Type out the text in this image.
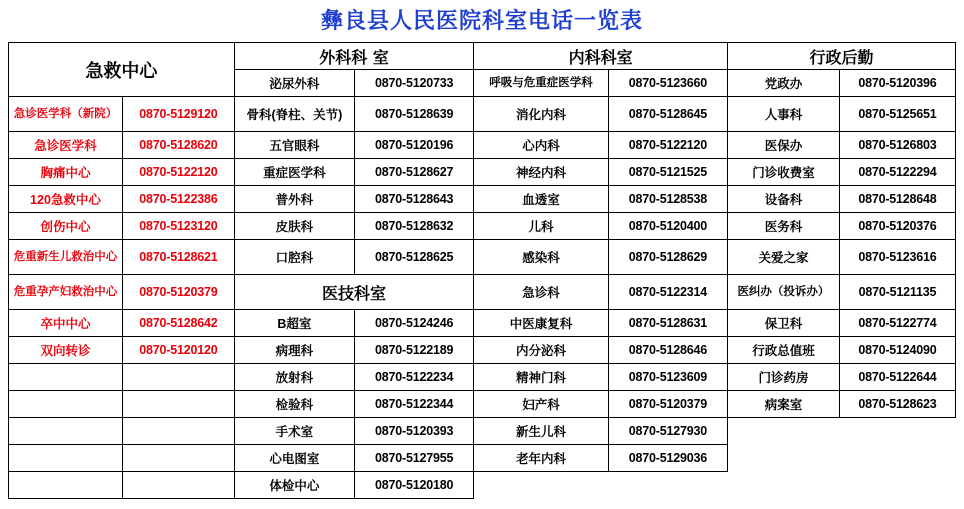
彝良县人民医院科室电话一览表
急救中心		外科科 室		内科科室		行政后勤	
		泌尿外科	0870-5120733	呼吸与危重症医学科	0870-5123660	党政办	0870-5120396
急诊医学科（新院）	0870-5129120	骨科(脊柱、关节)	0870-5128639	消化内科	0870-5128645	人事科	0870-5125651
急诊医学科	0870-5128620	五官眼科	0870-5120196	心内科	0870-5122120	医保办	0870-5126803
胸痛中心	0870-5122120	重症医学科	0870-5128627	神经内科	0870-5121525	门诊收费室	0870-5122294
120急救中心	0870-5122386	普外科	0870-5128643	血透室	0870-5128538	设备科	0870-5128648
创伤中心	0870-5123120	皮肤科	0870-5128632	儿科	0870-5120400	医务科	0870-5120376
危重新生儿救治中心	0870-5128621	口腔科	0870-5128625	感染科	0870-5128629	关爱之家	0870-5123616
危重孕产妇救治中心	0870-5120379	医技科室		急诊科	0870-5122314	医纠办（投诉办）	0870-5121135
卒中中心	0870-5128642	B超室	0870-5124246	中医康复科	0870-5128631	保卫科	0870-5122774
双向转诊	0870-5120120	病理科	0870-5122189	内分泌科	0870-5128646	行政总值班	0870-5124090
		放射科	0870-5122234	精神门科	0870-5123609	门诊药房	0870-5122644
		检验科	0870-5122344	妇产科	0870-5120379	病案室	0870-5128623
		手术室	0870-5120393	新生儿科	0870-5127930		
		心电图室	0870-5127955	老年内科	0870-5129036		
		体检中心	0870-5120180				
